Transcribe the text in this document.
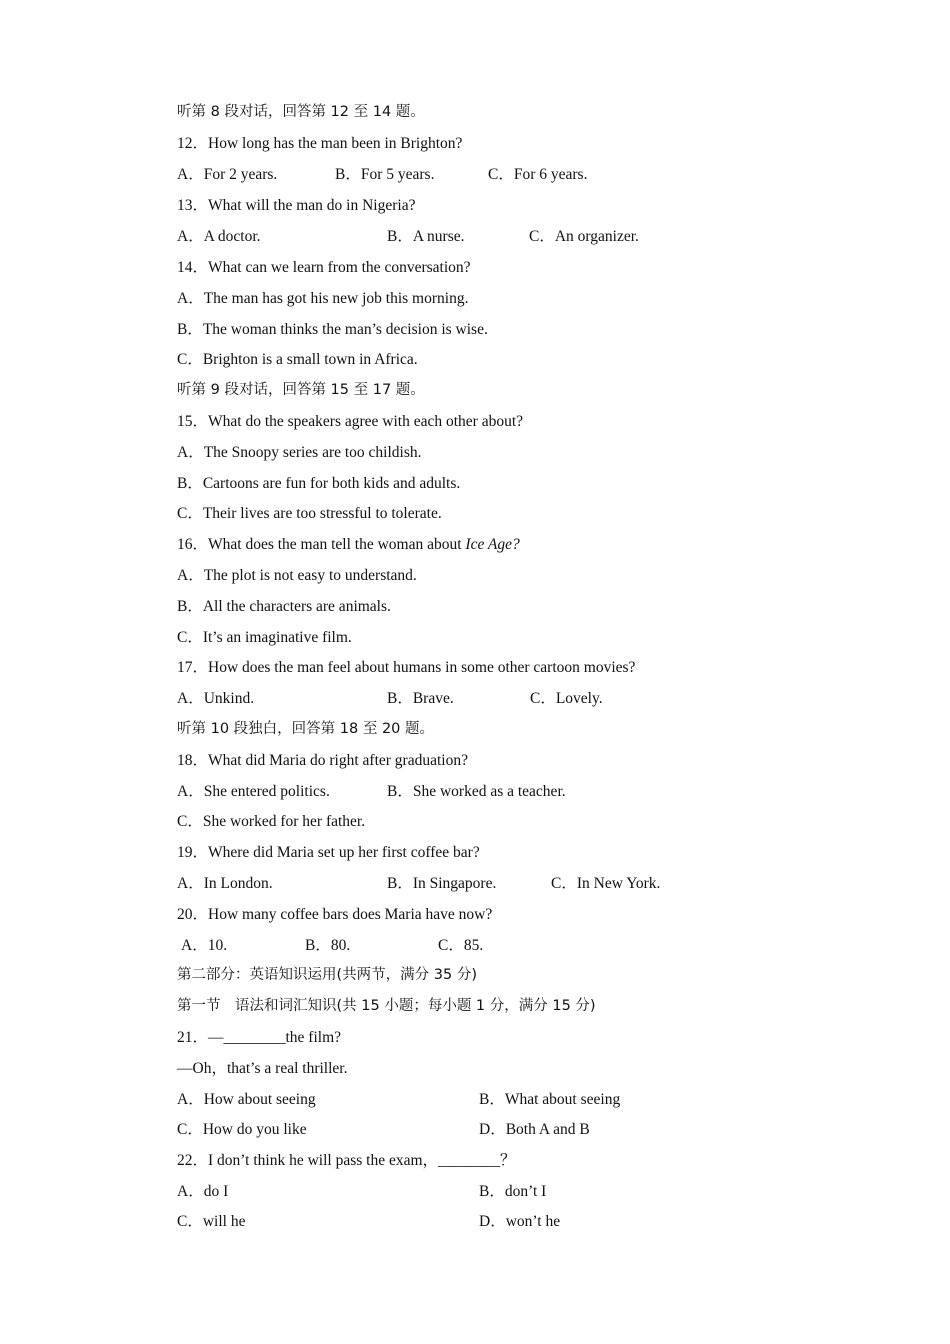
听第 8 段对话，回答第 12 至 14 题。
12．How long has the man been in Brighton?
A．For 2 years.	B．For 5 years.	C．For 6 years.
13．What will the man do in Nigeria?
A．A doctor.	B．A nurse.	C．An organizer.
14．What can we learn from the conversation?
A．The man has got his new job this morning.
B．The woman thinks the man’s decision is wise.
C．Brighton is a small town in Africa.
听第 9 段对话，回答第 15 至 17 题。
15．What do the speakers agree with each other about?
A．The Snoopy series are too childish.
B．Cartoons are fun for both kids and adults.
C．Their lives are too stressful to tolerate.
16．What does the man tell the woman about Ice Age?
A．The plot is not easy to understand.
B．All the characters are animals.
C．It’s an imaginative film.
17．How does the man feel about humans in some other cartoon movies?
A．Unkind.	B．Brave.	C．Lovely.
听第 10 段独白，回答第 18 至 20 题。
18．What did Maria do right after graduation?
A．She entered politics.	B．She worked as a teacher.
C．She worked for her father.
19．Where did Maria set up her first coffee bar?
A．In London.	B．In Singapore.	C．In New York.
20．How many coffee bars does Maria have now?
A．10.	B．80.	C．85.
第二部分：英语知识运用(共两节，满分 35 分)
第一节　语法和词汇知识(共 15 小题；每小题 1 分，满分 15 分)
21．—________the film?
—Oh，that’s a real thriller.
A．How about seeing	B．What about seeing
C．How do you like	D．Both A and B
22．I don’t think he will pass the exam，________？
A．do I	B．don’t I
C．will he	D．won’t he
